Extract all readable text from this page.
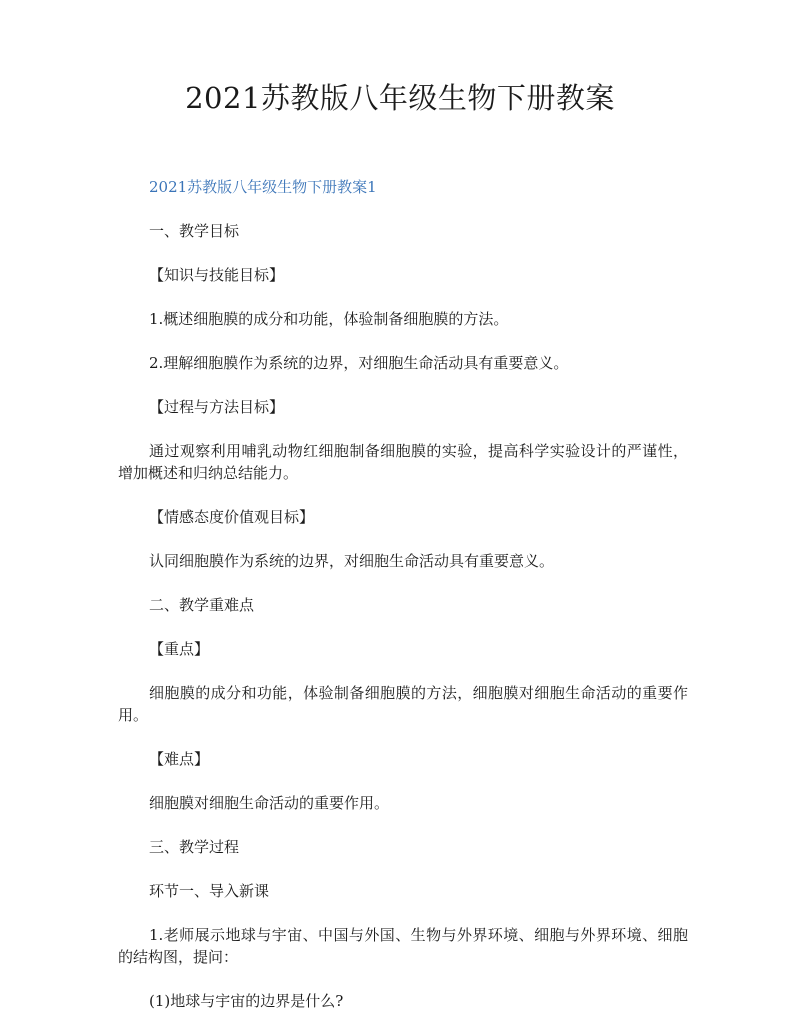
2021苏教版八年级生物下册教案

2021苏教版八年级生物下册教案1

一、教学目标

【知识与技能目标】

1.概述细胞膜的成分和功能，体验制备细胞膜的方法。

2.理解细胞膜作为系统的边界，对细胞生命活动具有重要意义。

【过程与方法目标】

通过观察利用哺乳动物红细胞制备细胞膜的实验，提高科学实验设计的严谨性，增加概述和归纳总结能力。

【情感态度价值观目标】

认同细胞膜作为系统的边界，对细胞生命活动具有重要意义。

二、教学重难点

【重点】

细胞膜的成分和功能，体验制备细胞膜的方法，细胞膜对细胞生命活动的重要作用。

【难点】

细胞膜对细胞生命活动的重要作用。

三、教学过程

环节一、导入新课

1.老师展示地球与宇宙、中国与外国、生物与外界环境、细胞与外界环境、细胞的结构图，提问：

(1)地球与宇宙的边界是什么?
